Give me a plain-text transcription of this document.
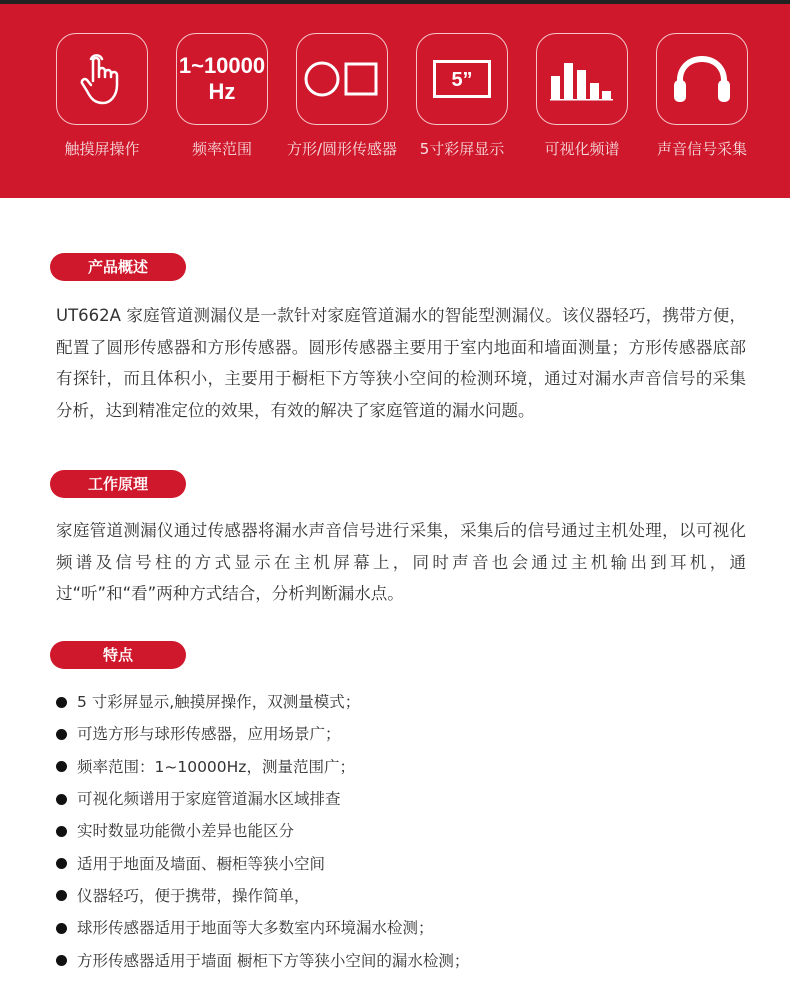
触摸屏操作
1~10000
Hz
频率范围	方形/圆形传感器
5”
5寸彩屏显示	可视化频谱	声音信号采集
产品概述
UT662A 家庭管道测漏仪是一款针对家庭管道漏水的智能型测漏仪。该仪器轻巧，携带方便，配置了圆形传感器和方形传感器。圆形传感器主要用于室内地面和墙面测量；方形传感器底部有探针，而且体积小，主要用于橱柜下方等狭小空间的检测环境，通过对漏水声音信号的采集分析，达到精准定位的效果，有效的解决了家庭管道的漏水问题。
工作原理
家庭管道测漏仪通过传感器将漏水声音信号进行采集，采集后的信号通过主机处理，以可视化频谱及信号柱的方式显示在主机屏幕上，同时声音也会通过主机输出到耳机，通过“听”和“看”两种方式结合，分析判断漏水点。
特点
5 寸彩屏显示,触摸屏操作，双测量模式；
可选方形与球形传感器，应用场景广；
频率范围：1~10000Hz，测量范围广；
可视化频谱用于家庭管道漏水区域排查
实时数显功能微小差异也能区分
适用于地面及墙面、橱柜等狭小空间
仪器轻巧，便于携带，操作简单，
球形传感器适用于地面等大多数室内环境漏水检测；
方形传感器适用于墙面 橱柜下方等狭小空间的漏水检测；
